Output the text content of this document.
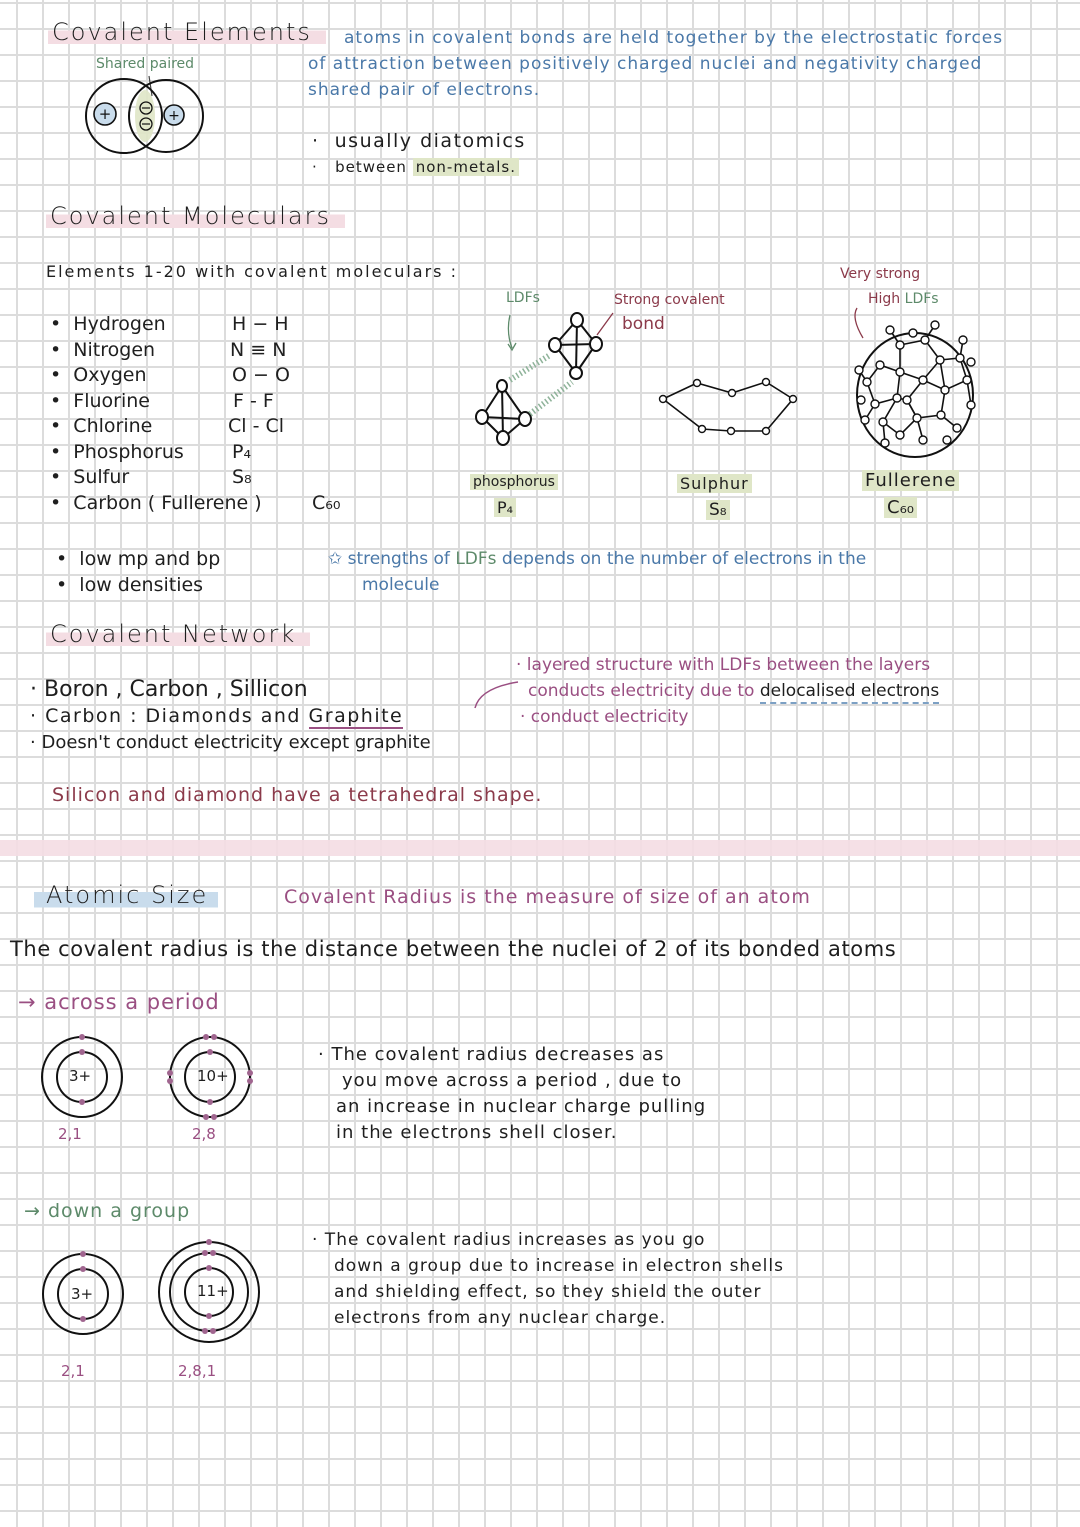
Covalent Elements
Shared paired
+	+
atoms in covalent bonds are held together by the electrostatic forces
of attraction between positively charged nuclei and negativity charged
shared pair of electrons.
·  usually diatomics
·   between non-metals.
Covalent Moleculars
Elements 1-20 with covalent moleculars :
•  Hydrogen	H − H
•  Nitrogen	N ≡ N
•  Oxygen	O − O
•  Fluorine	F - F
•  Chlorine	Cl - Cl
•  Phosphorus	P₄
•  Sulfur	S₈
•  Carbon ( Fullerene )	C₆₀
LDFs	Strong covalent
bond
Very strong
High LDFs
phosphorus
P₄
Sulphur
S₈
Fullerene
C₆₀
•  low mp and bp
•  low densities
✩ strengths of LDFs depends on the number of electrons in the
molecule
Covalent Network
· Boron , Carbon , Sillicon
· Carbon : Diamonds and Graphite
· Doesn't conduct electricity except graphite
· layered structure with LDFs between the layers
conducts electricity due to delocalised electrons
· conduct electricity
Silicon and diamond have a tetrahedral shape.
Atomic Size	Covalent Radius is the measure of size of an atom
The covalent radius is the distance between the nuclei of 2 of its bonded atoms
→ across a period
3+
2,1
10+
2,8
· The covalent radius decreases as
you move across a period , due to
an increase in nuclear charge pulling
in the electrons shell closer.
→ down a group
3+
2,1
11+
2,8,1
· The covalent radius increases as you go
down a group due to increase in electron shells
and shielding effect, so they shield the outer
electrons from any nuclear charge.
